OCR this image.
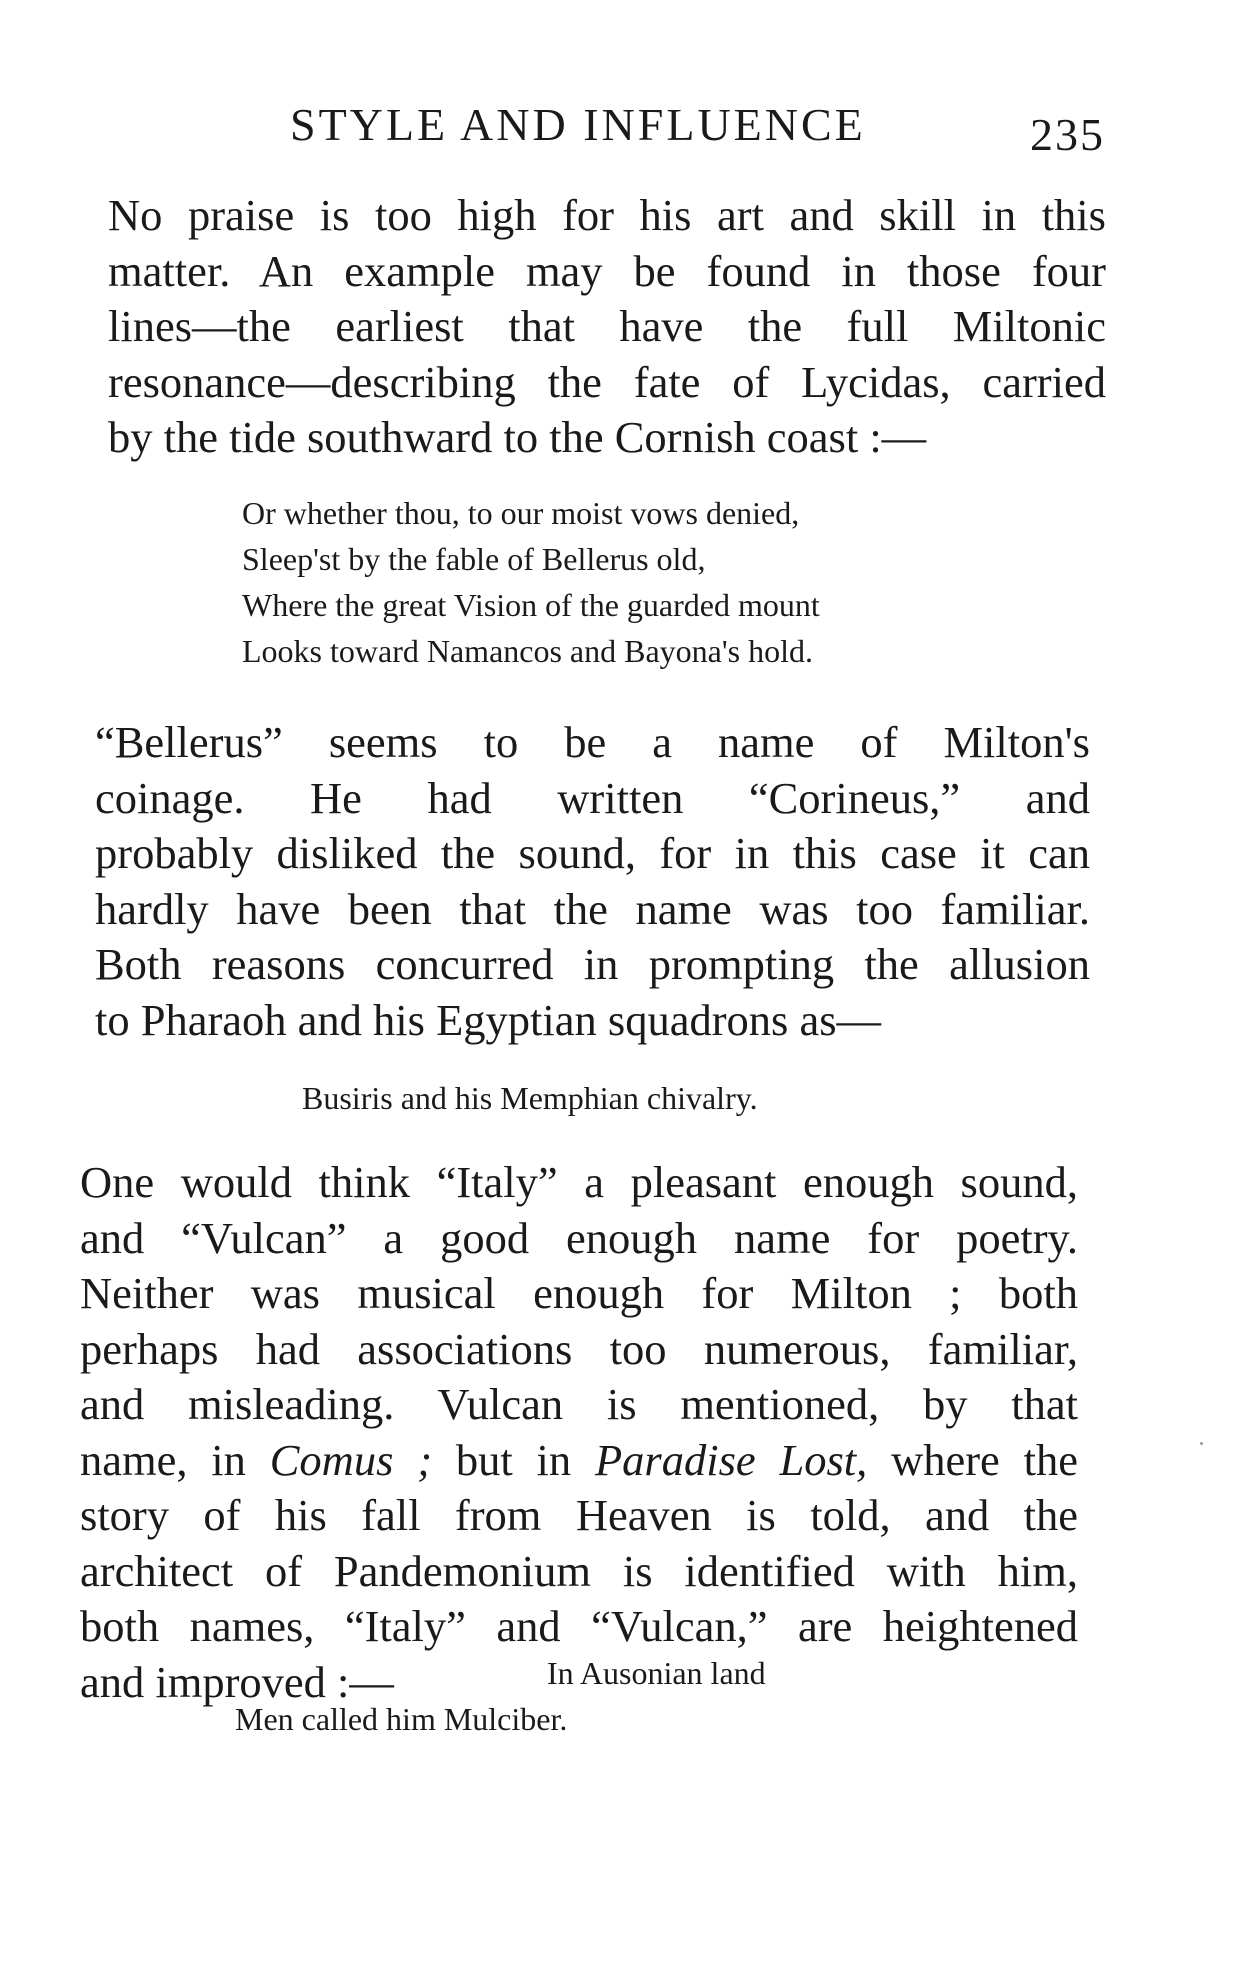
STYLE AND INFLUENCE	235
No praise is too high for his art and skill in this
matter. An example may be found in those four
lines—the earliest that have the full Miltonic
resonance—describing the fate of Lycidas, carried
by the tide southward to the Cornish coast :—
Or whether thou, to our moist vows denied,
Sleep'st by the fable of Bellerus old,
Where the great Vision of the guarded mount
Looks toward Namancos and Bayona's hold.
“Bellerus” seems to be a name of Milton's
coinage. He had written “Corineus,” and
probably disliked the sound, for in this case it can
hardly have been that the name was too familiar.
Both reasons concurred in prompting the allusion
to Pharaoh and his Egyptian squadrons as—
Busiris and his Memphian chivalry.
One would think “Italy” a pleasant enough sound,
and “Vulcan” a good enough name for poetry.
Neither was musical enough for Milton ; both
perhaps had associations too numerous, familiar,
and misleading. Vulcan is mentioned, by that
name, in Comus ; but in Paradise Lost, where the
story of his fall from Heaven is told, and the
architect of Pandemonium is identified with him,
both names, “Italy” and “Vulcan,” are heightened
and improved :—	In Ausonian land
Men called him Mulciber.
